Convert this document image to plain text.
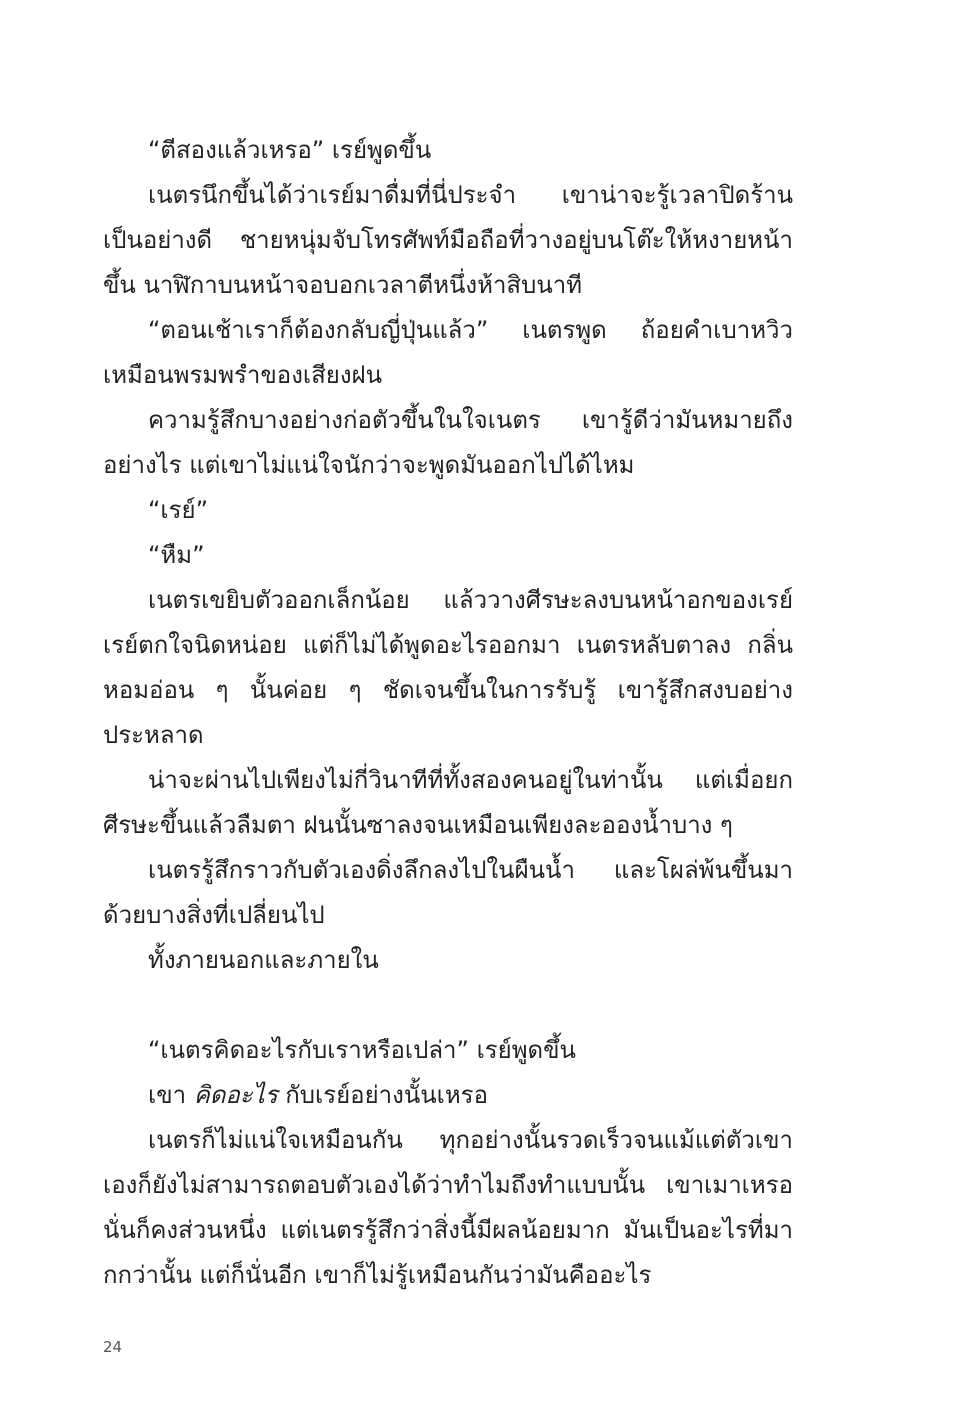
“ตีสองแล้วเหรอ” เรย์พูดขึ้น

เนตรนึกขึ้นได้ว่าเรย์มาดื่มที่นี่ประจำ เขาน่าจะรู้เวลาปิดร้านเป็นอย่างดี ชายหนุ่มจับโทรศัพท์มือถือที่วางอยู่บนโต๊ะให้หงายหน้าขึ้น นาฬิกาบนหน้าจอบอกเวลาตีหนึ่งห้าสิบนาที

“ตอนเช้าเราก็ต้องกลับญี่ปุ่นแล้ว” เนตรพูด ถ้อยคำเบาหวิวเหมือนพรมพรำของเสียงฝน

ความรู้สึกบางอย่างก่อตัวขึ้นในใจเนตร เขารู้ดีว่ามันหมายถึงอย่างไร แต่เขาไม่แน่ใจนักว่าจะพูดมันออกไปได้ไหม

“เรย์”

“หืม”

เนตรเขยิบตัวออกเล็กน้อย แล้ววางศีรษะลงบนหน้าอกของเรย์ เรย์ตกใจนิดหน่อย แต่ก็ไม่ได้พูดอะไรออกมา เนตรหลับตาลง กลิ่นหอมอ่อน ๆ นั้นค่อย ๆ ชัดเจนขึ้นในการรับรู้ เขารู้สึกสงบอย่างประหลาด

น่าจะผ่านไปเพียงไม่กี่วินาทีที่ทั้งสองคนอยู่ในท่านั้น แต่เมื่อยกศีรษะขึ้นแล้วลืมตา ฝนนั้นซาลงจนเหมือนเพียงละอองน้ำบาง ๆ

เนตรรู้สึกราวกับตัวเองดิ่งลึกลงไปในผืนน้ำ และโผล่พ้นขึ้นมาด้วยบางสิ่งที่เปลี่ยนไป

ทั้งภายนอกและภายใน

“เนตรคิดอะไรกับเราหรือเปล่า” เรย์พูดขึ้น

เขา คิดอะไร กับเรย์อย่างนั้นเหรอ

เนตรก็ไม่แน่ใจเหมือนกัน ทุกอย่างนั้นรวดเร็วจนแม้แต่ตัวเขาเองก็ยังไม่สามารถตอบตัวเองได้ว่าทำไมถึงทำแบบนั้น เขาเมาเหรอ นั่นก็คงส่วนหนึ่ง แต่เนตรรู้สึกว่าสิ่งนี้มีผลน้อยมาก มันเป็นอะไรที่มากกว่านั้น แต่ก็นั่นอีก เขาก็ไม่รู้เหมือนกันว่ามันคืออะไร

24
